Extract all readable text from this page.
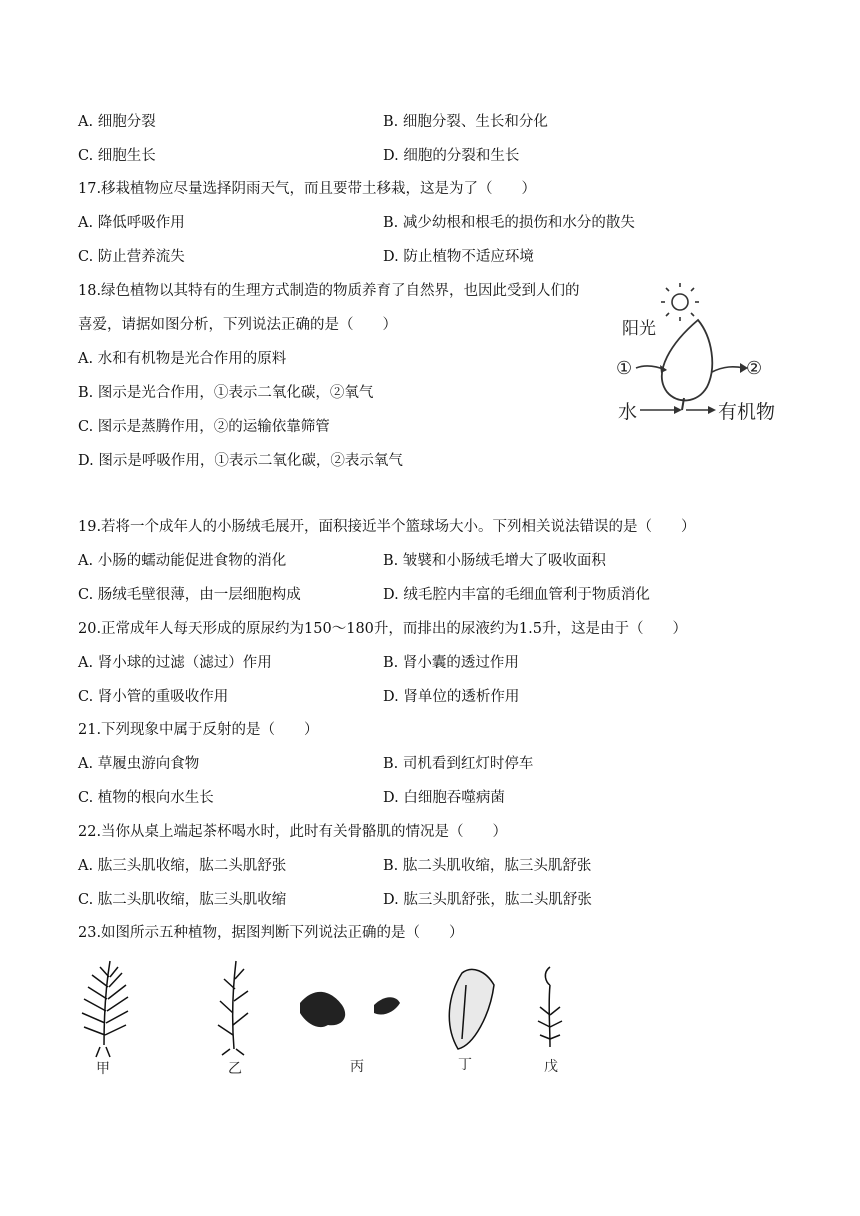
A. 细胞分裂	B. 细胞分裂、生长和分化
C. 细胞生长	D. 细胞的分裂和生长
17.移栽植物应尽量选择阴雨天气，而且要带土移栽，这是为了（　　）
A. 降低呼吸作用	B. 减少幼根和根毛的损伤和水分的散失
C. 防止营养流失	D. 防止植物不适应环境
18.绿色植物以其特有的生理方式制造的物质养育了自然界，也因此受到人们的
喜爱，请据如图分析，下列说法正确的是（　　）
A. 水和有机物是光合作用的原料
B. 图示是光合作用，①表示二氧化碳，②氧气
C. 图示是蒸腾作用，②的运输依靠筛管
D. 图示是呼吸作用，①表示二氧化碳，②表示氧气
阳光
①	②
水	有机物
19.若将一个成年人的小肠绒毛展开，面积接近半个篮球场大小。下列相关说法错误的是（　　）
A. 小肠的蠕动能促进食物的消化	B. 皱襞和小肠绒毛增大了吸收面积
C. 肠绒毛壁很薄，由一层细胞构成	D. 绒毛腔内丰富的毛细血管利于物质消化
20.正常成年人每天形成的原尿约为150～180升，而排出的尿液约为1.5升，这是由于（　　）
A. 肾小球的过滤（滤过）作用	B. 肾小囊的透过作用
C. 肾小管的重吸收作用	D. 肾单位的透析作用
21.下列现象中属于反射的是（　　）
A. 草履虫游向食物	B. 司机看到红灯时停车
C. 植物的根向水生长	D. 白细胞吞噬病菌
22.当你从桌上端起茶杯喝水时，此时有关骨骼肌的情况是（　　）
A. 肱三头肌收缩，肱二头肌舒张	B. 肱二头肌收缩，肱三头肌舒张
C. 肱二头肌收缩，肱三头肌收缩	D. 肱三头肌舒张，肱二头肌舒张
23.如图所示五种植物，据图判断下列说法正确的是（　　）
甲	乙	丙	丁	戊
